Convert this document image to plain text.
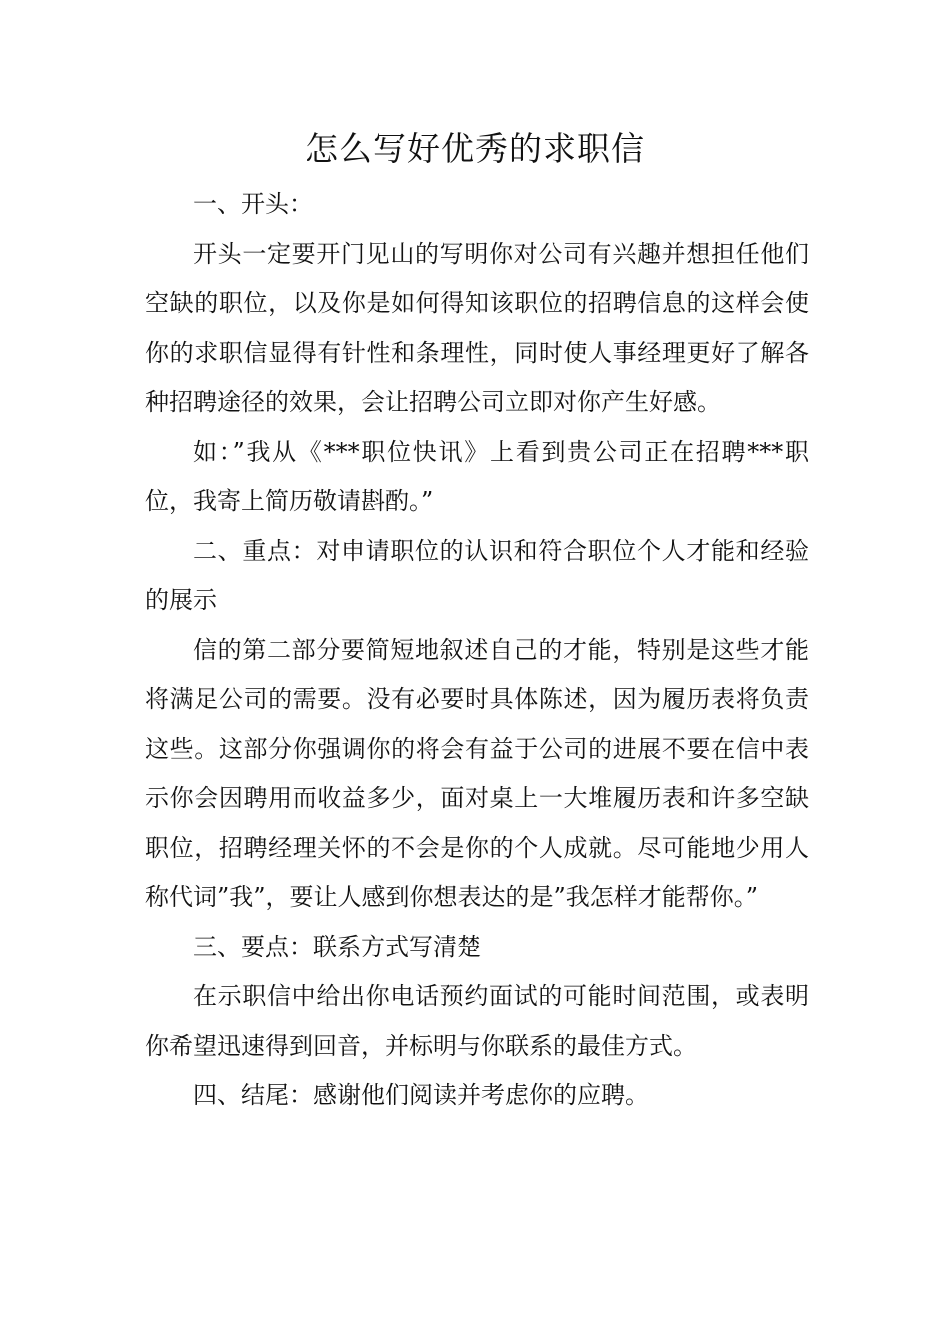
怎么写好优秀的求职信

一、开头：

开头一定要开门见山的写明你对公司有兴趣并想担任他们空缺的职位，以及你是如何得知该职位的招聘信息的这样会使你的求职信显得有针性和条理性，同时使人事经理更好了解各种招聘途径的效果，会让招聘公司立即对你产生好感。

如：”我从《***职位快讯》上看到贵公司正在招聘***职位，我寄上简历敬请斟酌。”

二、重点：对申请职位的认识和符合职位个人才能和经验的展示

信的第二部分要简短地叙述自己的才能，特别是这些才能将满足公司的需要。没有必要时具体陈述，因为履历表将负责这些。这部分你强调你的将会有益于公司的进展不要在信中表示你会因聘用而收益多少，面对桌上一大堆履历表和许多空缺职位，招聘经理关怀的不会是你的个人成就。尽可能地少用人称代词”我”，要让人感到你想表达的是”我怎样才能帮你。”

三、要点：联系方式写清楚

在示职信中给出你电话预约面试的可能时间范围，或表明你希望迅速得到回音，并标明与你联系的最佳方式。

四、结尾：感谢他们阅读并考虑你的应聘。
